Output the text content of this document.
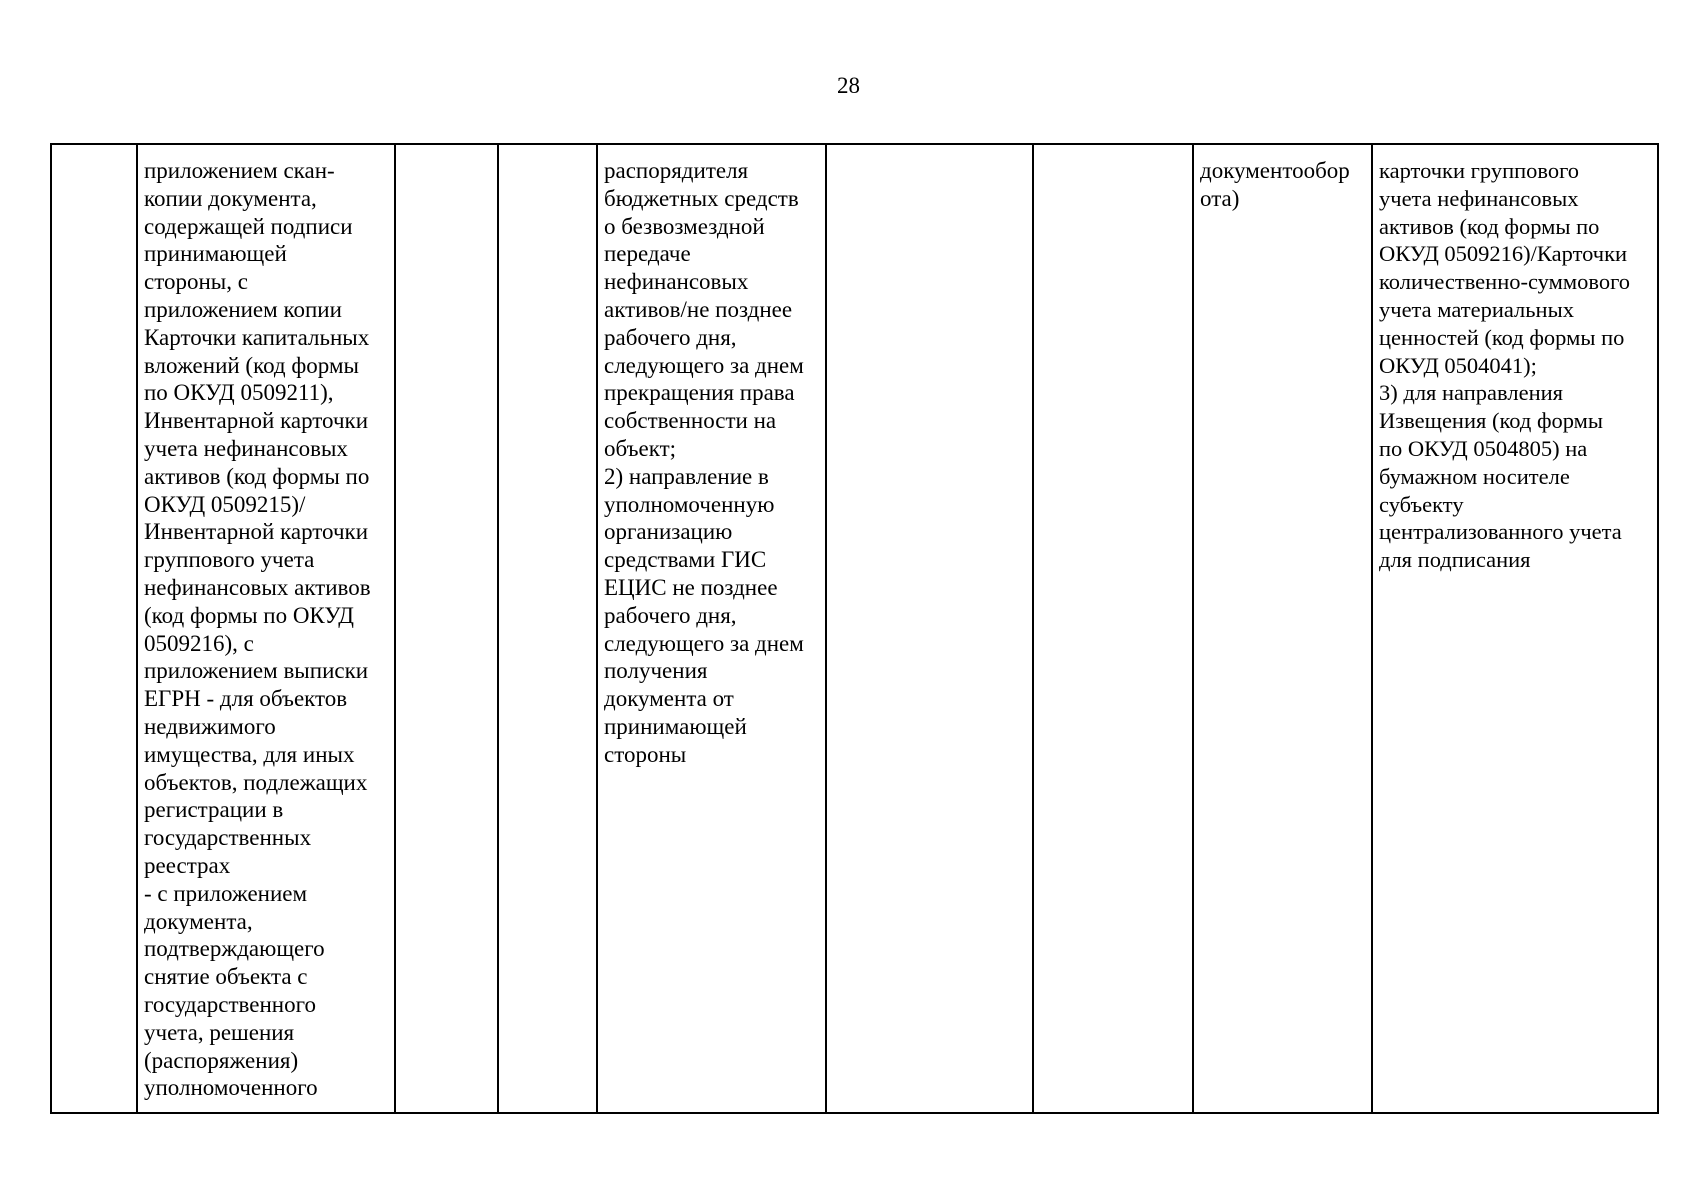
28
	приложением скан-
копии документа,
содержащей подписи
принимающей
стороны, с
приложением копии
Карточки капитальных
вложений (код формы
по ОКУД 0509211),
Инвентарной карточки
учета нефинансовых
активов (код формы по
ОКУД 0509215)/
Инвентарной карточки
группового учета
нефинансовых активов
(код формы по ОКУД
0509216), с
приложением выписки
ЕГРН - для объектов
недвижимого
имущества, для иных
объектов, подлежащих
регистрации в
государственных
реестрах
- с приложением
документа,
подтверждающего
снятие объекта с
государственного
учета, решения
(распоряжения)
уполномоченного			распорядителя
бюджетных средств
о безвозмездной
передаче
нефинансовых
активов/не позднее
рабочего дня,
следующего за днем
прекращения права
собственности на
объект;
2) направление в
уполномоченную
организацию
средствами ГИС
ЕЦИС не позднее
рабочего дня,
следующего за днем
получения
документа от
принимающей
стороны			документообор
ота)	карточки группового
учета нефинансовых
активов (код формы по
ОКУД 0509216)/Карточки
количественно-суммового
учета материальных
ценностей (код формы по
ОКУД 0504041);
3) для направления
Извещения (код формы
по ОКУД 0504805) на
бумажном носителе
субъекту
централизованного учета
для подписания
